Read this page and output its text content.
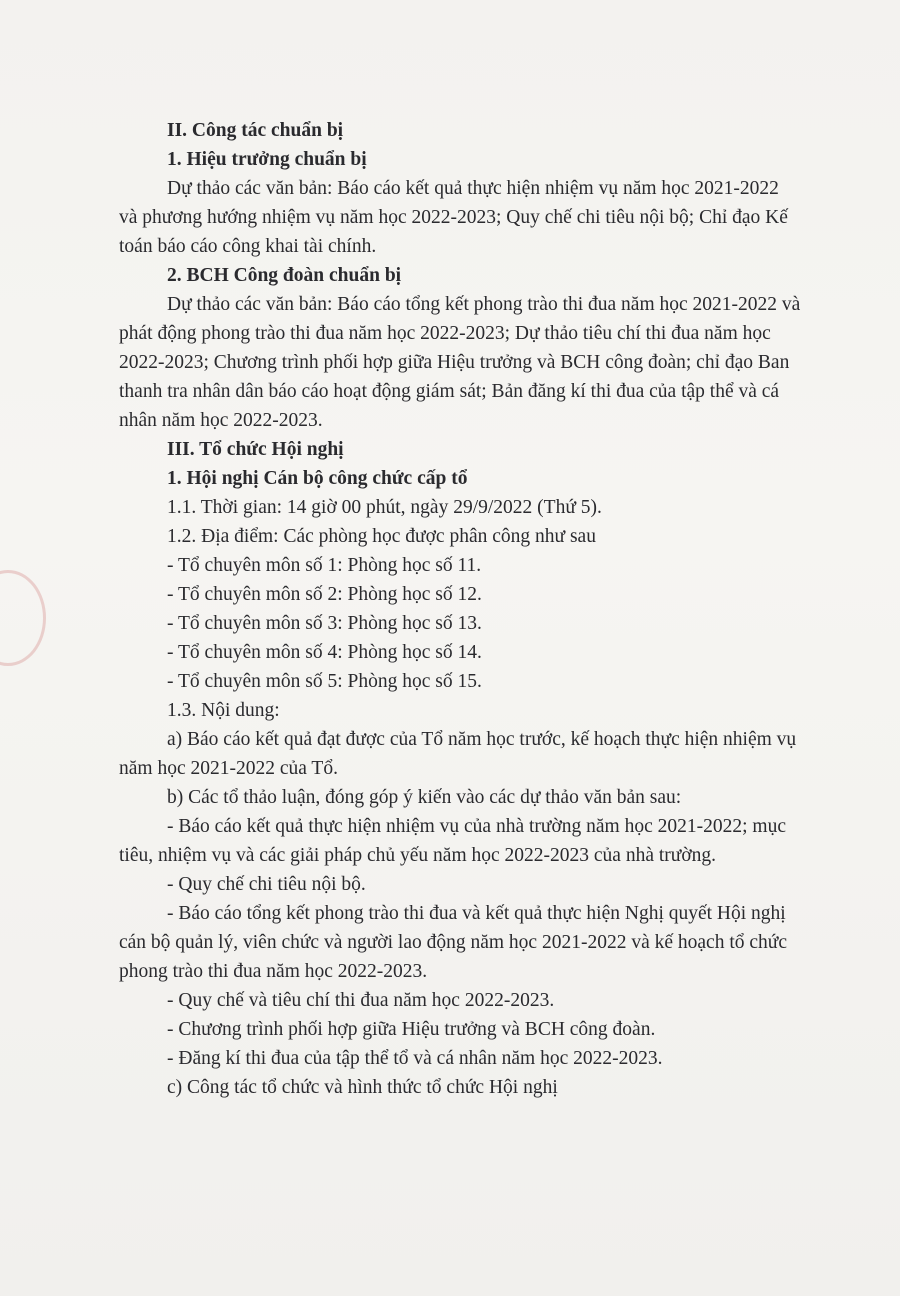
II. Công tác chuẩn bị

1. Hiệu trưởng chuẩn bị

Dự thảo các văn bản: Báo cáo kết quả thực hiện nhiệm vụ năm học 2021-2022

và phương hướng nhiệm vụ năm học 2022-2023; Quy chế chi tiêu nội bộ; Chỉ đạo Kế

toán báo cáo công khai tài chính.

2. BCH Công đoàn chuẩn bị

Dự thảo các văn bản: Báo cáo tổng kết phong trào thi đua năm học 2021-2022 và

phát động phong trào thi đua năm học 2022-2023; Dự thảo tiêu chí thi đua năm học

2022-2023; Chương trình phối hợp giữa Hiệu trưởng và BCH công đoàn; chỉ đạo Ban

thanh tra nhân dân báo cáo hoạt động giám sát; Bản đăng kí thi đua của tập thể và cá

nhân năm học 2022-2023.

III. Tổ chức Hội nghị

1. Hội nghị Cán bộ công chức cấp tổ

1.1. Thời gian: 14 giờ 00 phút, ngày 29/9/2022 (Thứ 5).

1.2. Địa điểm: Các phòng học được phân công như sau

- Tổ chuyên môn số 1: Phòng học số 11.

- Tổ chuyên môn số 2: Phòng học số 12.

- Tổ chuyên môn số 3: Phòng học số 13.

- Tổ chuyên môn số 4: Phòng học số 14.

- Tổ chuyên môn số 5: Phòng học số 15.

1.3. Nội dung:

a) Báo cáo kết quả đạt được của Tổ năm học trước, kế hoạch thực hiện nhiệm vụ

năm học 2021-2022 của Tổ.

b) Các tổ thảo luận, đóng góp ý kiến vào các dự thảo văn bản sau:

- Báo cáo kết quả thực hiện nhiệm vụ của nhà trường năm học 2021-2022; mục

tiêu, nhiệm vụ và các giải pháp chủ yếu năm học 2022-2023 của nhà trường.

- Quy chế chi tiêu nội bộ.

- Báo cáo tổng kết phong trào thi đua và kết quả thực hiện Nghị quyết Hội nghị

cán bộ quản lý, viên chức và người lao động năm học 2021-2022 và kế hoạch tổ chức

phong trào thi đua năm học 2022-2023.

- Quy chế và tiêu chí thi đua năm học 2022-2023.

- Chương trình phối hợp giữa Hiệu trưởng và BCH công đoàn.

- Đăng kí thi đua của tập thể tổ và cá nhân năm học 2022-2023.

c) Công tác tổ chức và hình thức tổ chức Hội nghị
